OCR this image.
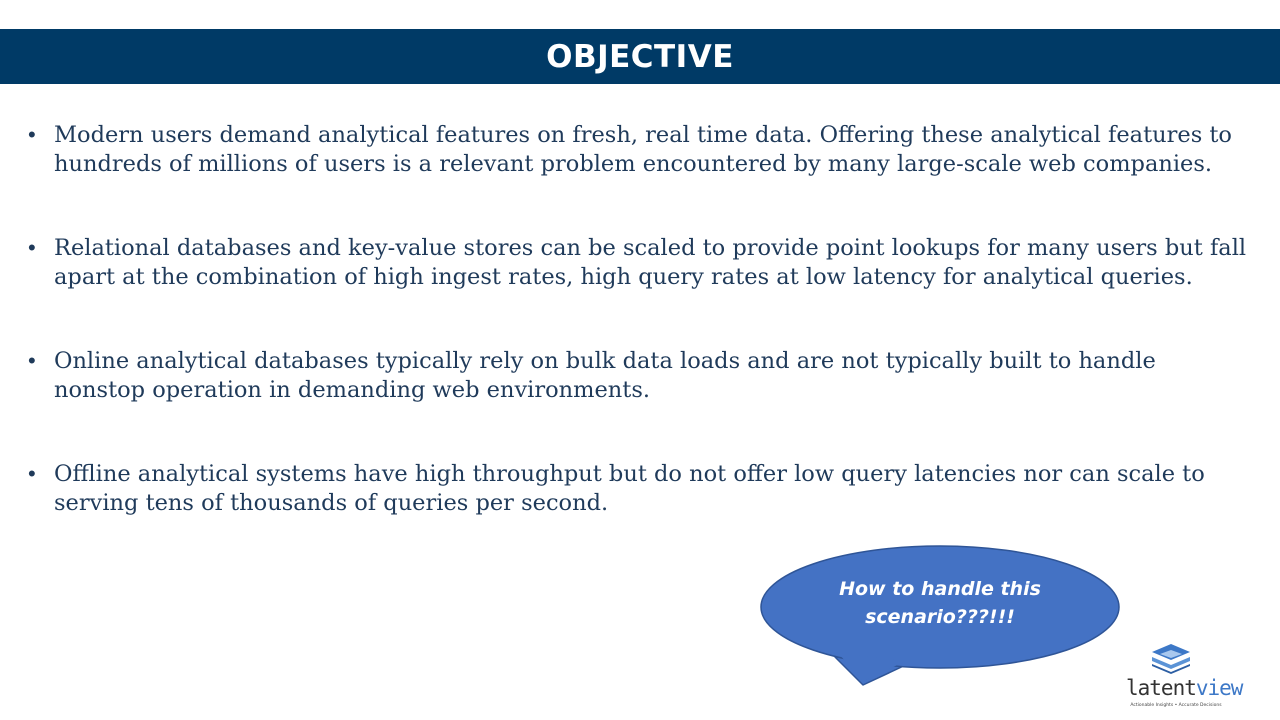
OBJECTIVE
• Modern users demand analytical features on fresh, real time data. Offering these analytical features to hundreds of millions of users is a relevant problem encountered by many large-scale web companies.
• Relational databases and key-value stores can be scaled to provide point lookups for many users but fall apart at the combination of high ingest rates, high query rates at low latency for analytical queries.
• Online analytical databases typically rely on bulk data loads and are not typically built to handle nonstop operation in demanding web environments.
• Offline analytical systems have high throughput but do not offer low query latencies nor can scale to serving tens of thousands of queries per second.
How to handle this
scenario???!!!
latentview
Actionable Insights • Accurate Decisions
